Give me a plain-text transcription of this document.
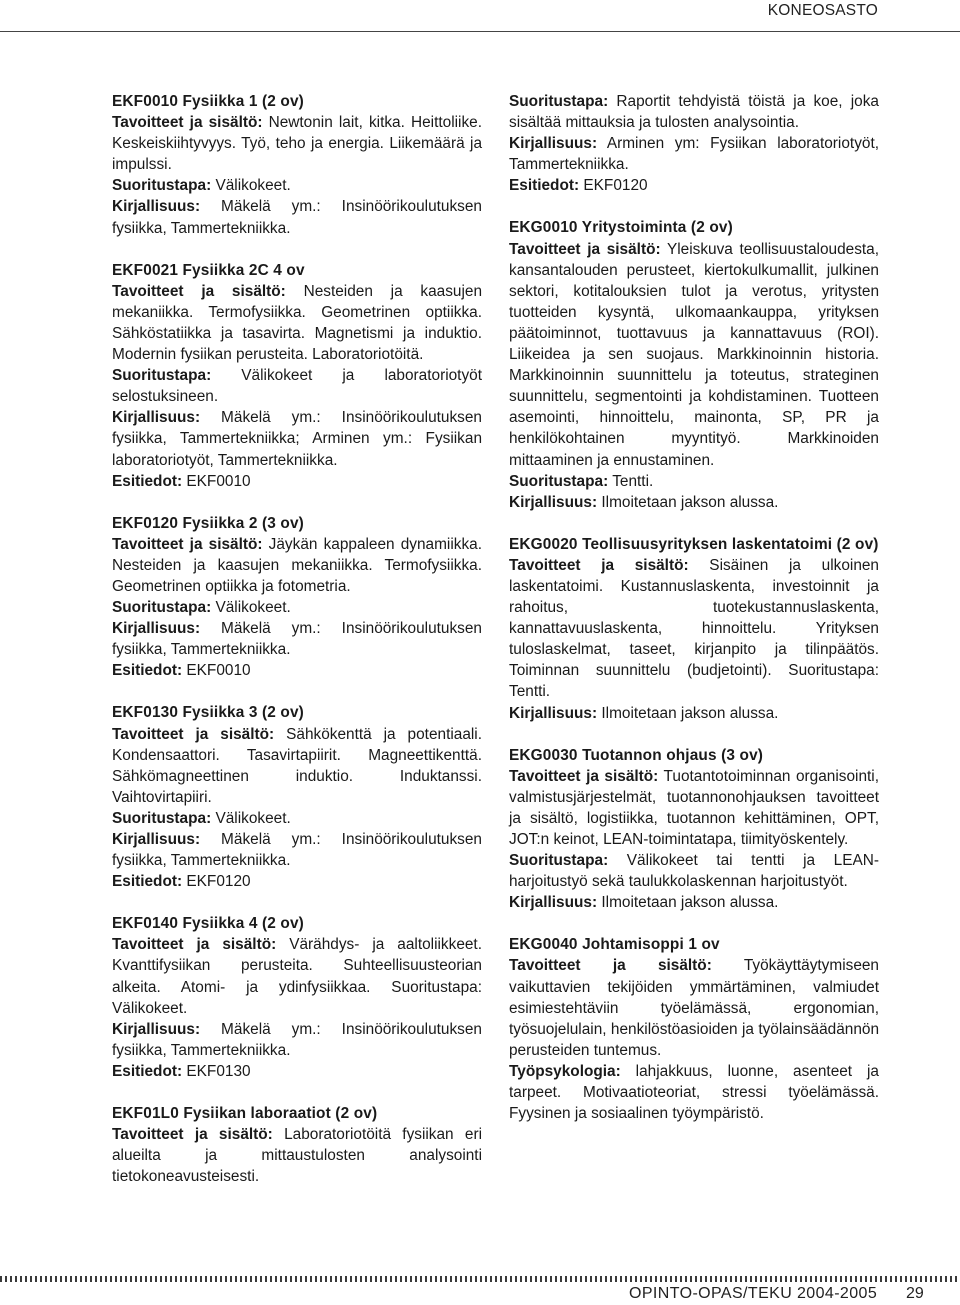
KONEOSASTO
EKF0010 Fysiikka 1 (2 ov)
Tavoitteet ja sisältö: Newtonin lait, kitka. Heittoliike. Keskeiskiihtyvyys. Työ, teho ja energia. Liikemäärä ja impulssi.
Suoritustapa: Välikokeet.
Kirjallisuus: Mäkelä ym.: Insinöörikoulutuksen fysiikka, Tammertekniikka.
EKF0021 Fysiikka 2C 4 ov
Tavoitteet ja sisältö: Nesteiden ja kaasujen mekaniikka. Termofysiikka. Geometrinen optiikka. Sähköstatiikka ja tasavirta. Magnetismi ja induktio. Modernin fysiikan perusteita. Laboratoriotöitä.
Suoritustapa: Välikokeet ja laboratoriotyöt selostuksineen.
Kirjallisuus: Mäkelä ym.: Insinöörikoulutuksen fysiikka, Tammertekniikka; Arminen ym.: Fysiikan laboratoriotyöt, Tammertekniikka.
Esitiedot: EKF0010
EKF0120 Fysiikka 2 (3 ov)
Tavoitteet ja sisältö: Jäykän kappaleen dynamiikka. Nesteiden ja kaasujen mekaniikka. Termofysiikka. Geometrinen optiikka ja fotometria.
Suoritustapa: Välikokeet.
Kirjallisuus: Mäkelä ym.: Insinöörikoulutuksen fysiikka, Tammertekniikka.
Esitiedot: EKF0010
EKF0130 Fysiikka 3 (2 ov)
Tavoitteet ja sisältö: Sähkökenttä ja potentiaali. Kondensaattori. Tasavirtapiirit. Magneettikenttä. Sähkömagneettinen induktio. Induktanssi. Vaihtovirtapiiri.
Suoritustapa: Välikokeet.
Kirjallisuus: Mäkelä ym.: Insinöörikoulutuksen fysiikka, Tammertekniikka.
Esitiedot: EKF0120
EKF0140 Fysiikka 4 (2 ov)
Tavoitteet ja sisältö: Värähdys- ja aaltoliikkeet. Kvanttifysiikan perusteita. Suhteellisuusteorian alkeita. Atomi- ja ydinfysiikkaa. Suoritustapa: Välikokeet.
Kirjallisuus: Mäkelä ym.: Insinöörikoulutuksen fysiikka, Tammertekniikka.
Esitiedot: EKF0130
EKF01L0 Fysiikan laboraatiot (2 ov)
Tavoitteet ja sisältö: Laboratoriotöitä fysiikan eri alueilta ja mittaustulosten analysointi tietokoneavusteisesti.
Suoritustapa: Raportit tehdyistä töistä ja koe, joka sisältää mittauksia ja tulosten analysointia.
Kirjallisuus: Arminen ym: Fysiikan laboratoriotyöt, Tammertekniikka.
Esitiedot: EKF0120
EKG0010 Yritystoiminta (2 ov)
Tavoitteet ja sisältö: Yleiskuva teollisuustaloudesta, kansantalouden perusteet, kiertokulkumallit, julkinen sektori, kotitalouksien tulot ja verotus, yritysten tuotteiden kysyntä, ulkomaankauppa, yrityksen päätoiminnot, tuottavuus ja kannattavuus (ROI). Liikeidea ja sen suojaus. Markkinoinnin historia. Markkinoinnin suunnittelu ja toteutus, strateginen suunnittelu, segmentointi ja kohdistaminen. Tuotteen asemointi, hinnoittelu, mainonta, SP, PR ja henkilökohtainen myyntityö. Markkinoiden mittaaminen ja ennustaminen.
Suoritustapa: Tentti.
Kirjallisuus: Ilmoitetaan jakson alussa.
EKG0020 Teollisuusyrityksen laskentatoimi (2 ov)
Tavoitteet ja sisältö: Sisäinen ja ulkoinen laskentatoimi. Kustannuslaskenta, investoinnit ja rahoitus, tuotekustannuslaskenta, kannattavuuslaskenta, hinnoittelu. Yrityksen tuloslaskelmat, taseet, kirjanpito ja tilinpäätös. Toiminnan suunnittelu (budjetointi). Suoritustapa: Tentti.
Kirjallisuus: Ilmoitetaan jakson alussa.
EKG0030 Tuotannon ohjaus (3 ov)
Tavoitteet ja sisältö: Tuotantotoiminnan organisointi, valmistusjärjestelmät, tuotannonohjauksen tavoitteet ja sisältö, logistiikka, tuotannon kehittäminen, OPT, JOT:n keinot, LEAN-toimintatapa, tiimityöskentely.
Suoritustapa: Välikokeet tai tentti ja LEAN-harjoitustyö sekä taulukkolaskennan harjoitustyöt.
Kirjallisuus: Ilmoitetaan jakson alussa.
EKG0040 Johtamisoppi 1 ov
Tavoitteet ja sisältö: Työkäyttäytymiseen vaikuttavien tekijöiden ymmärtäminen, valmiudet esimiestehtäviin työelämässä, ergonomian, työsuojelulain, henkilöstöasioiden ja työlainsäädännön perusteiden tuntemus.
Työpsykologia: lahjakkuus, luonne, asenteet ja tarpeet. Motivaatioteoriat, stressi työelämässä. Fyysinen ja sosiaalinen työympäristö.
OPINTO-OPAS/TEKU 2004-2005 29
